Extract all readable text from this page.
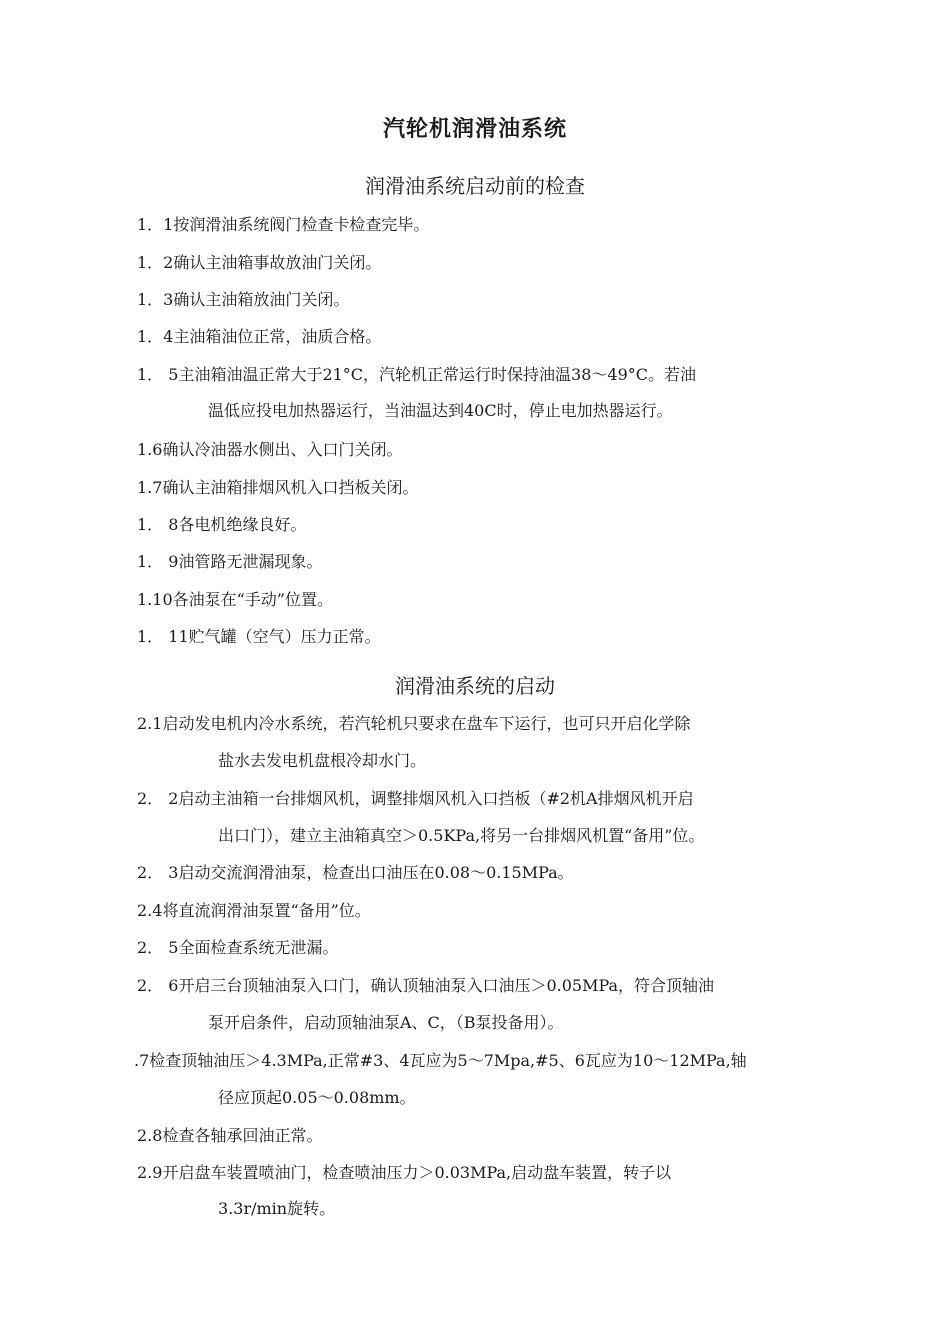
汽轮机润滑油系统
润滑油系统启动前的检查
1．1按润滑油系统阀门检查卡检查完毕。
1．2确认主油箱事故放油门关闭。
1．3确认主油箱放油门关闭。
1．4主油箱油位正常，油质合格。
1． 5主油箱油温正常大于21°C，汽轮机正常运行时保持油温38〜49°C。若油
温低应投电加热器运行，当油温达到40C时，停止电加热器运行。
1.6确认冷油器水侧出、入口门关闭。
1.7确认主油箱排烟风机入口挡板关闭。
1． 8各电机绝缘良好。
1． 9油管路无泄漏现象。
1.10各油泵在“手动”位置。
1． 11贮气罐（空气）压力正常。
润滑油系统的启动
2.1启动发电机内冷水系统，若汽轮机只要求在盘车下运行，也可只开启化学除
盐水去发电机盘根冷却水门。
2． 2启动主油箱一台排烟风机，调整排烟风机入口挡板（#2机A排烟风机开启
出口门），建立主油箱真空＞0.5KPa,将另一台排烟风机置“备用”位。
2． 3启动交流润滑油泵，检查出口油压在0.08〜0.15MPa。
2.4将直流润滑油泵置“备用”位。
2． 5全面检查系统无泄漏。
2． 6开启三台顶轴油泵入口门，确认顶轴油泵入口油压＞0.05MPa，符合顶轴油
泵开启条件，启动顶轴油泵A、C，（B泵投备用）。
.7检查顶轴油压＞4.3MPa,正常#3、4瓦应为5〜7Mpa,#5、6瓦应为10〜12MPa,轴
径应顶起0.05〜0.08mm。
2.8检查各轴承回油正常。
2.9开启盘车装置喷油门，检查喷油压力＞0.03MPa,启动盘车装置，转子以
3.3r/min旋转。
